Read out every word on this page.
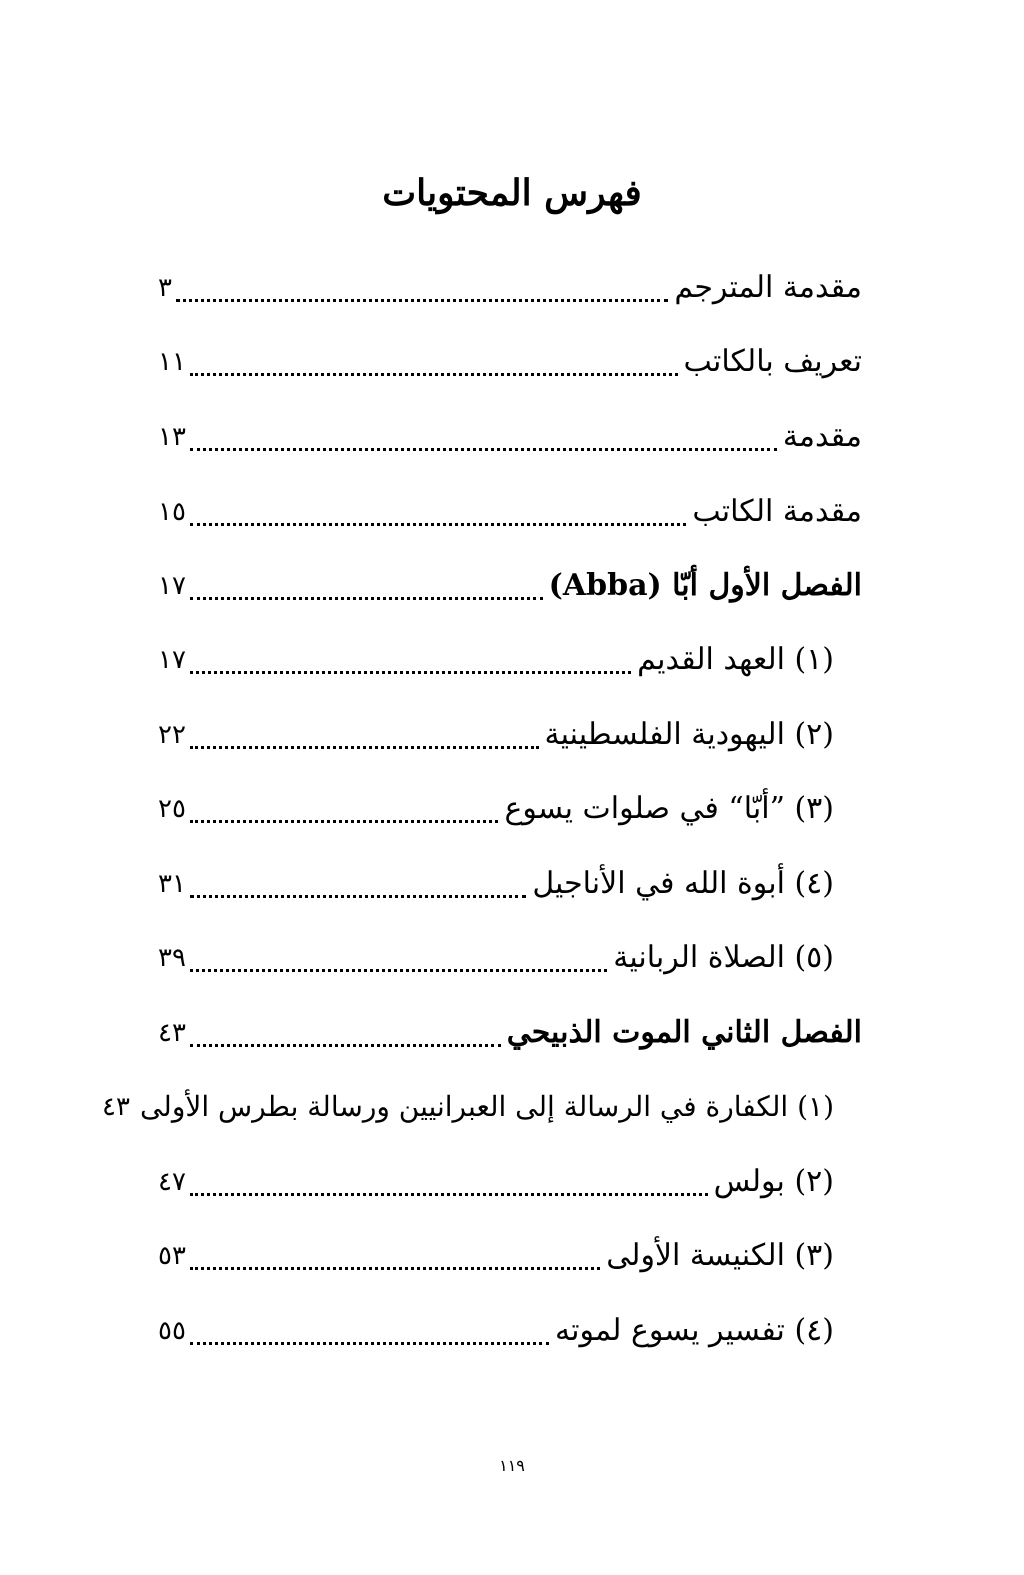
فهرس المحتويات
مقدمة المترجم
٣
تعريف بالكاتب
١١
مقدمة
١٣
مقدمة الكاتب
١٥
الفصل الأول أبّا (Abba)
١٧
(١) العهد القديم
١٧
(٢) اليهودية الفلسطينية
٢٢
(٣) ”أبّا“ في صلوات يسوع
٢٥
(٤) أبوة الله في الأناجيل
٣١
(٥) الصلاة الربانية
٣٩
الفصل الثاني الموت الذبيحي
٤٣
(١) الكفارة في الرسالة إلى العبرانيين ورسالة بطرس الأولى
٤٣
(٢) بولس
٤٧
(٣) الكنيسة الأولى
٥٣
(٤) تفسير يسوع لموته
٥٥
١١٩
